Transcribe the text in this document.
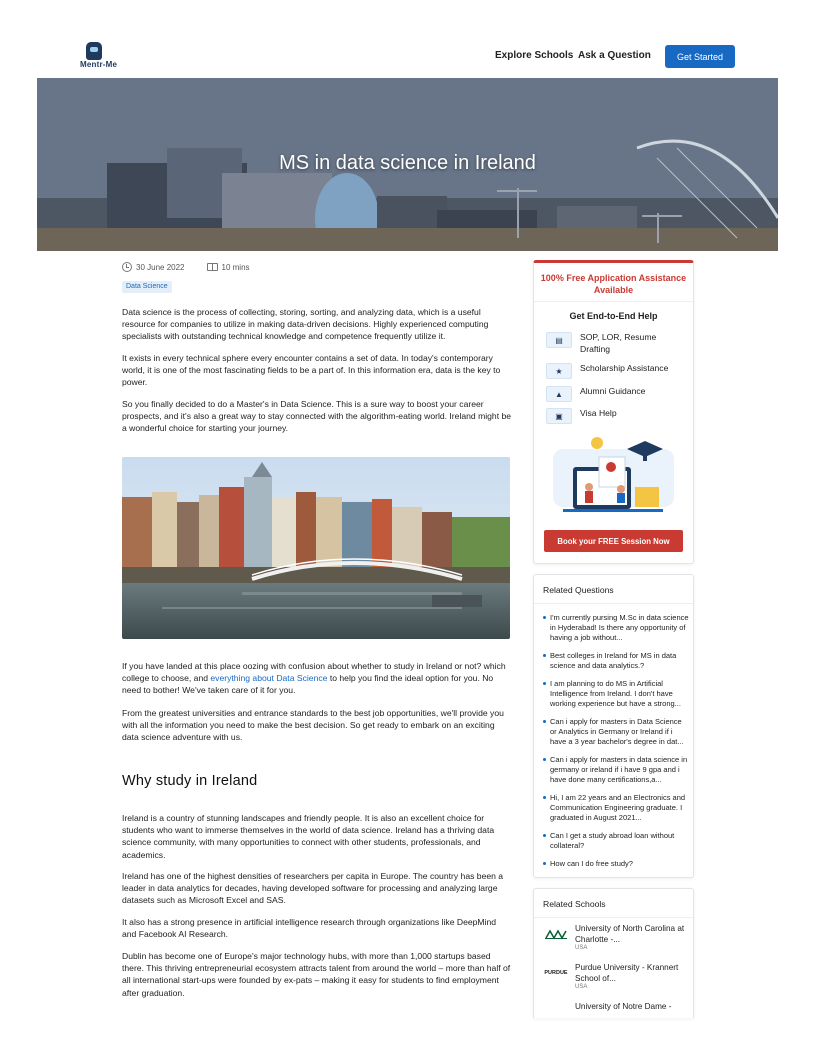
Mentr-Me
Explore Schools Ask a Question	Get Started
MS in data science in Ireland
30 June 2022	10 mins
Data Science

Data science is the process of collecting, storing, sorting, and analyzing data, which is a useful resource for companies to utilize in making data-driven decisions. Highly experienced computing specialists with outstanding technical knowledge and competence frequently utilize it.

It exists in every technical sphere every encounter contains a set of data. In today's contemporary world, it is one of the most fascinating fields to be a part of. In this information era, data is the key to power.

So you finally decided to do a Master's in Data Science. This is a sure way to boost your career prospects, and it's also a great way to stay connected with the algorithm-eating world. Ireland might be a wonderful choice for starting your journey.

If you have landed at this place oozing with confusion about whether to study in Ireland or not? which college to choose, and everything about Data Science to help you find the ideal option for you. No need to bother! We've taken care of it for you.

From the greatest universities and entrance standards to the best job opportunities, we'll provide you with all the information you need to make the best decision. So get ready to embark on an exciting data science adventure with us.

Why study in Ireland

Ireland is a country of stunning landscapes and friendly people. It is also an excellent choice for students who want to immerse themselves in the world of data science. Ireland has a thriving data science community, with many opportunities to connect with other students, professionals, and academics.

Ireland has one of the highest densities of researchers per capita in Europe. The country has been a leader in data analytics for decades, having developed software for processing and analyzing large datasets such as Microsoft Excel and SAS.

It also has a strong presence in artificial intelligence research through organizations like DeepMind and Facebook AI Research.

Dublin has become one of Europe's major technology hubs, with more than 1,000 startups based there. This thriving entrepreneurial ecosystem attracts talent from around the world – more than half of all international start-ups were founded by ex-pats – making it easy for students to find employment after graduation.

100% Free Application Assistance Available
Get End-to-End Help
▤	SOP, LOR, Resume Drafting
★	Scholarship Assistance
▲	Alumni Guidance
▣	Visa Help
Book your FREE Session Now
Related Questions
I'm currently pursing M.Sc in data science in Hyderabad! Is there any opportunity of having a job without...
Best colleges in Ireland for MS in data science and data analytics.?
I am planning to do MS in Artificial Intelligence from Ireland. I don't have working experience but have a strong...
Can i apply for masters in Data Science or Analytics in Germany or Ireland if i have a 3 year bachelor's degree in dat...
Can i apply for masters in data science in germany or ireland if i have 9 gpa and i have done many certifications,a...
Hi, I am 22 years and an Electronics and Communication Engineering graduate. I graduated in August 2021...
Can I get a study abroad loan without collateral?
How can I do free study?
Related Schools
University of North Carolina at Charlotte -...
USA
PURDUE
Purdue University - Krannert School of...
USA
University of Notre Dame -
